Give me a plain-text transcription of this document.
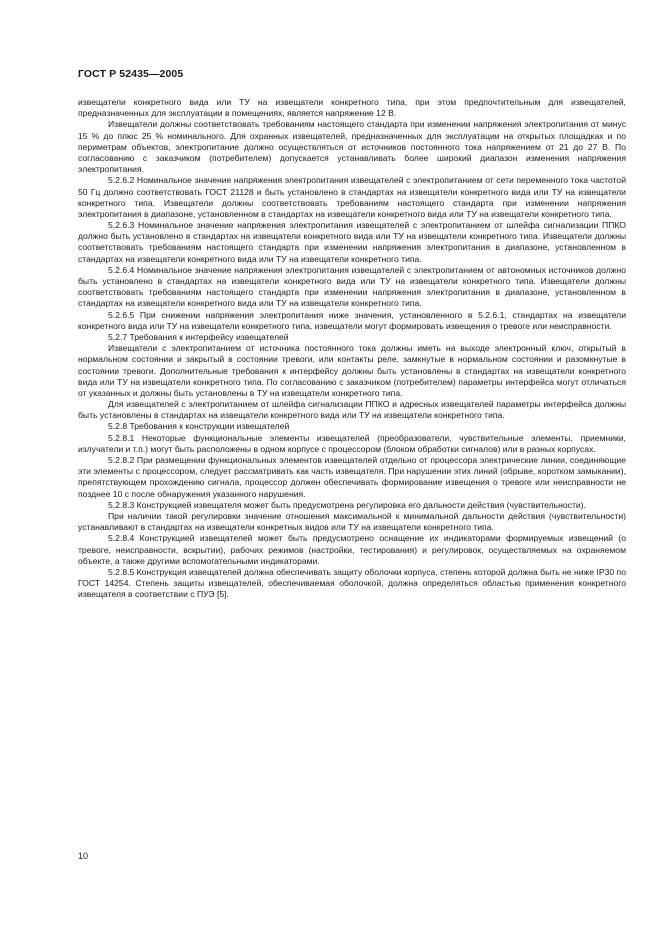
ГОСТ Р 52435—2005

извещатели конкретного вида или ТУ на извещатели конкретного типа, при этом предпочтительным для извещателей, предназначенных для эксплуатации в помещениях, является напряжение 12 В.

Извещатели должны соответствовать требованиям настоящего стандарта при изменении напряжения электропитания от минус 15 % до плюс 25 % номинального. Для охранных извещателей, предназначенных для эксплуатации на открытых площадках и по периметрам объектов, электропитание должно осуществляться от источников постоянного тока напряжением от 21 до 27 В. По согласованию с заказчиком (потребителем) допускается устанавливать более широкий диапазон изменения напряжения электропитания.

5.2.6.2 Номинальное значение напряжения электропитания извещателей с электропитанием от сети переменного тока частотой 50 Гц должно соответствовать ГОСТ 21128 и быть установлено в стандартах на извещатели конкретного вида или ТУ на извещатели конкретного типа. Извещатели должны соответствовать требованиям настоящего стандарта при изменении напряжения электропитания в диапазоне, установленном в стандартах на извещатели конкретного вида или ТУ на извещатели конкретного типа.

5.2.6.3 Номинальное значение напряжения электропитания извещателей с электропитанием от шлейфа сигнализации ППКО должно быть установлено в стандартах на извещатели конкретного вида или ТУ на извещатели конкретного типа. Извещатели должны соответствовать требованиям настоящего стандарта при изменении напряжения электропитания в диапазоне, установленном в стандартах на извещатели конкретного вида или ТУ на извещатели конкретного типа.

5.2.6.4 Номинальное значение напряжения электропитания извещателей с электропитанием от автономных источников должно быть установлено в стандартах на извещатели конкретного вида или ТУ на извещатели конкретного типа. Извещатели должны соответствовать требованиям настоящего стандарта при изменении напряжения электропитания в диапазоне, установленном в стандартах на извещатели конкретного вида или ТУ на извещатели конкретного типа.

5.2.6.5 При снижении напряжения электропитания ниже значения, установленного в 5.2.6.1, стандартах на извещатели конкретного вида или ТУ на извещатели конкретного типа, извещатели могут формировать извещения о тревоге или неисправности.

5.2.7 Требования к интерфейсу извещателей

Извещатели с электропитанием от источника постоянного тока должны иметь на выходе электронный ключ, открытый в нормальном состоянии и закрытый в состоянии тревоги, или контакты реле, замкнутые в нормальном состоянии и разомкнутые в состоянии тревоги. Дополнительные требования к интерфейсу должны быть установлены в стандартах на извещатели конкретного вида или ТУ на извещатели конкретного типа. По согласованию с заказчиком (потребителем) параметры интерфейса могут отличаться от указанных и должны быть установлены в ТУ на извещатели конкретного типа.

Для извещателей с электропитанием от шлейфа сигнализации ППКО и адресных извещателей параметры интерфейса должны быть установлены в стандартах на извещатели конкретного вида или ТУ на извещатели конкретного типа.

5.2.8 Требования к конструкции извещателей

5.2.8.1 Некоторые функциональные элементы извещателей (преобразователи, чувствительные элементы, приемники, излучатели и т.п.) могут быть расположены в одном корпусе с процессором (блоком обработки сигналов) или в разных корпусах.

5.2.8.2 При размещении функциональных элементов извещателей отдельно от процессора электрические линии, соединяющие эти элементы с процессором, следует рассматривать как часть извещателя. При нарушении этих линий (обрыве, коротком замыкании), препятствующем прохождению сигнала, процессор должен обеспечивать формирование извещения о тревоге или неисправности не позднее 10 с после обнаружения указанного нарушения.

5.2.8.3 Конструкцией извещателя может быть предусмотрена регулировка его дальности действия (чувствительности).

При наличии такой регулировки значение отношения максимальной к минимальной дальности действия (чувствительности) устанавливают в стандартах на извещатели конкретных видов или ТУ на извещатели конкретного типа.

5.2.8.4 Конструкцией извещателей может быть предусмотрено оснащение их индикаторами формируемых извещений (о тревоге, неисправности, вскрытии), рабочих режимов (настройки, тестирования) и регулировок, осуществляемых на охраняемом объекте, а также другими вспомогательными индикаторами.

5.2.8.5 Конструкция извещателей должна обеспечивать защиту оболочки корпуса, степень которой должна быть не ниже IP30 по ГОСТ 14254. Степень защиты извещателей, обеспечиваемая оболочкой, должна определяться областью применения конкретного извещателя в соответствии с ПУЭ [5].

10
